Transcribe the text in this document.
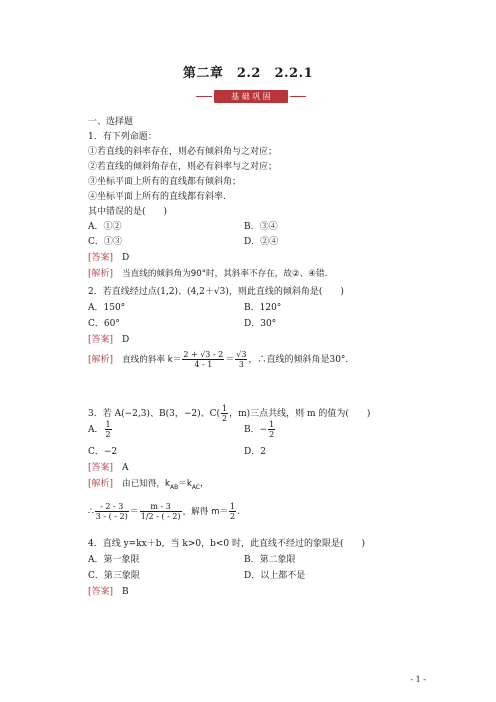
第二章　2.2　2.2.1
基 础 巩 固
一、选择题
1．有下列命题：
①若直线的斜率存在，则必有倾斜角与之对应；
②若直线的倾斜角存在，则必有斜率与之对应；
③坐标平面上所有的直线都有倾斜角；
④坐标平面上所有的直线都有斜率.
其中错误的是(　　)
A．①②	B．③④
C．①③	D．②④
[答案]　 D
[解析]　 当直线的倾斜角为90°时，其斜率不存在，故②、④错．
2．若直线经过点(1,2)、(4,2＋√3)，则此直线的倾斜角是(　　)
A．150°	B．120°
C．60°	D．30°
[答案]　 D
[解析]　 直线的斜率 $k= \frac{2 + √3 - 2}{4 - 1} = \frac{√3}{3}$ ，∴直线的倾斜角是30°.
3．若 A(−2,3)、B(3，−2)、$C( \frac{1}{2}$ ，m)三点共线，则 m 的值为(　　)
A． $\frac{1}{2}$	B．− $\frac{1}{2}$
C．−2	D．2
[答案]　 A
[解析]　 由已知得，$k_{AB}=k_{AC}$，
∴ $\frac{- 2 - 3}{3 - ( - 2)} = \frac{m - 3}{1/2 - ( - 2)}$ ，解得 $m= \frac{1}{2}$ .
4．直线 y=kx＋b，当 k>0，b<0 时，此直线不经过的象限是(　　)
A．第一象限	B．第二象限
C．第三象限	D．以上都不是
[答案]　 B
- 1 -
